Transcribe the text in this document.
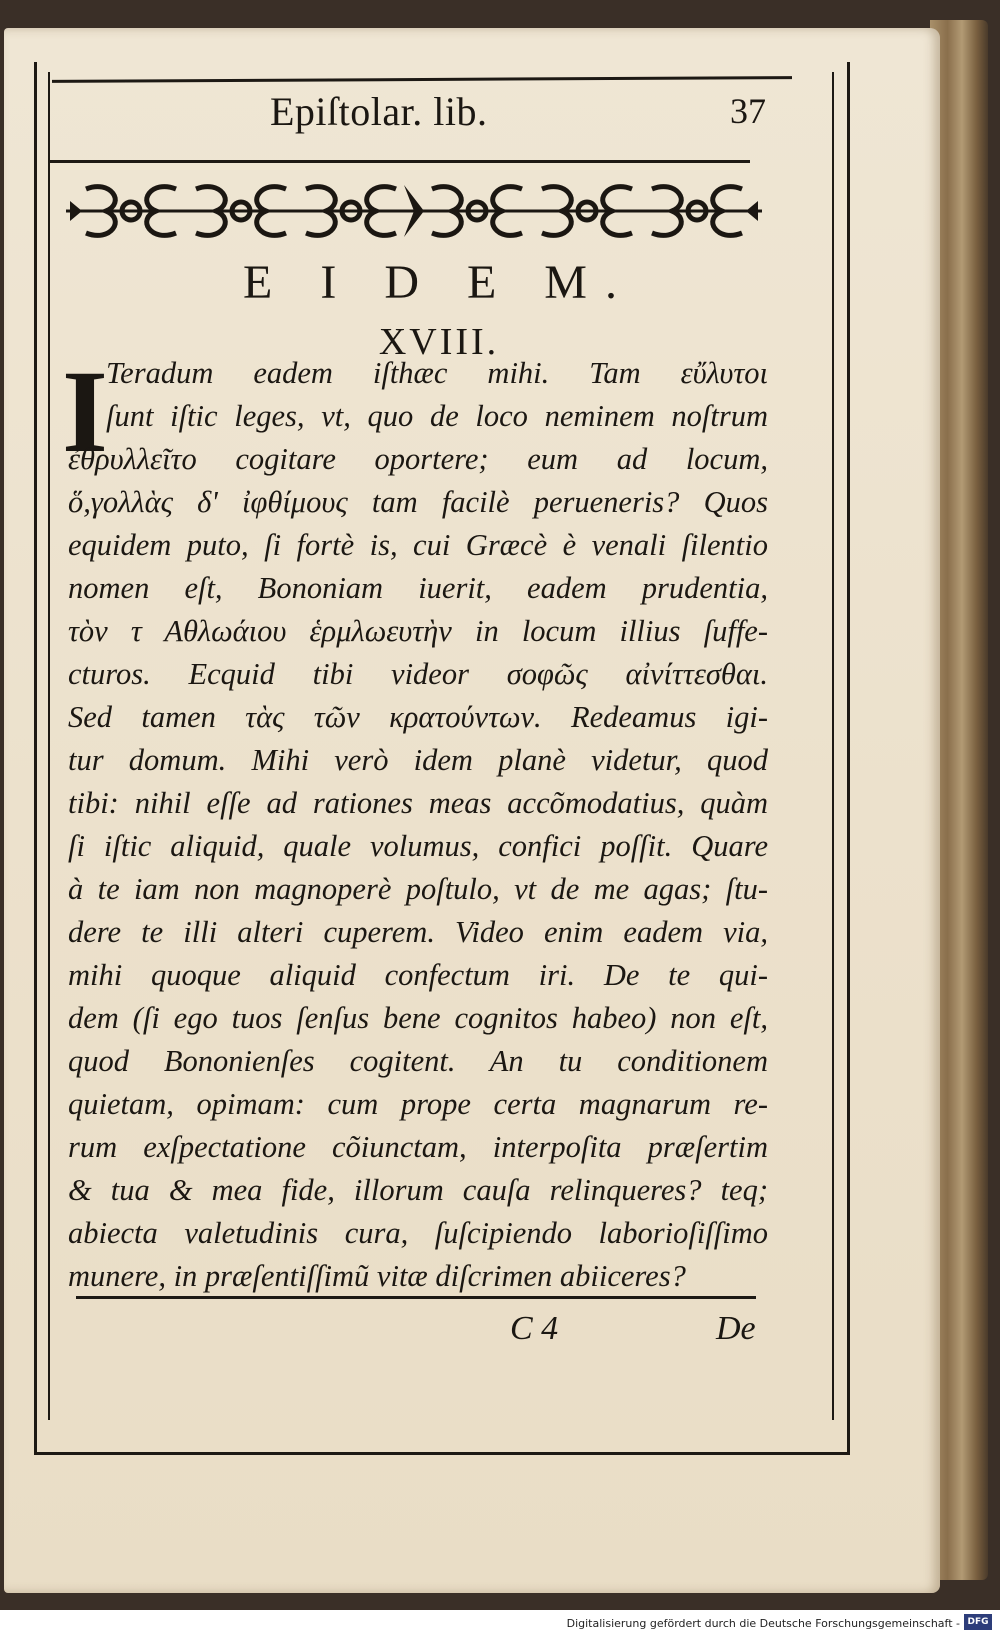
Epiſtolar. lib.	37
E I D E M.
XVIII.
I
Teradum eadem iſthæc mihi. Tam εὔλυτοι
ſunt iſtic leges, vt, quo de loco neminem noſtrum
ἐθρυλλεῖτο cogitare oportere; eum ad locum,
ὅ,γολλὰς δ' ἰφθίμους tam facilè perueneris? Quos
equidem puto, ſi fortè is, cui Græcè è venali ſilentio
nomen eſt, Bononiam iuerit, eadem prudentia,
τὸν τ Αθλωάιου ἑρμλωευτὴν in locum illius ſuffe-
cturos. Ecquid tibi videor σοφῶς αἰνίττεσθαι.
Sed tamen τὰς τῶν κρατούντων. Redeamus igi-
tur domum. Mihi verò idem planè videtur, quod
tibi: nihil eſſe ad rationes meas accõmodatius, quàm
ſi iſtic aliquid, quale volumus, confici poſſit. Quare
à te iam non magnoperè poſtulo, vt de me agas; ſtu-
dere te illi alteri cuperem. Video enim eadem via,
mihi quoque aliquid confectum iri. De te qui-
dem (ſi ego tuos ſenſus bene cognitos habeo) non eſt,
quod Bononienſes cogitent. An tu conditionem
quietam, opimam: cum prope certa magnarum re-
rum exſpectatione cõiunctam, interpoſita præſertim
& tua & mea fide, illorum cauſa relinqueres? teq;
abiecta valetudinis cura, ſuſcipiendo laborioſiſſimo
munere, in præſentiſſimũ vitæ diſcrimen abiiceres?
C 4	De
Digitalisierung gefördert durch die Deutsche Forschungsgemeinschaft - DFG
